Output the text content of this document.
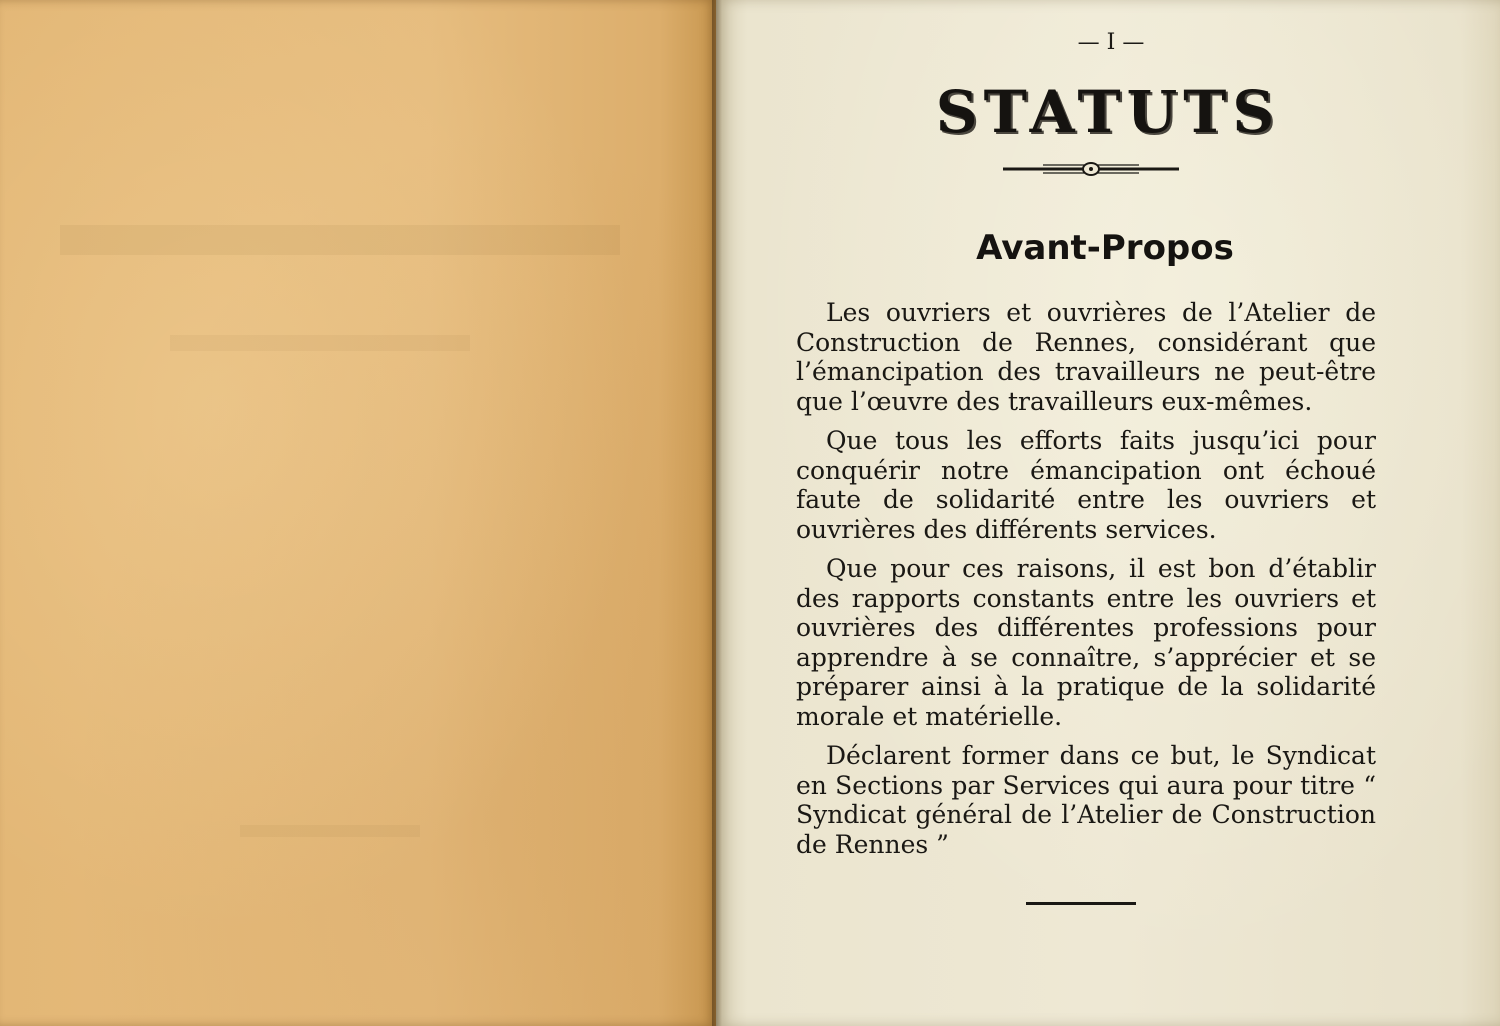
— I —
STATUTS
Avant-Propos

Les ouvriers et ouvrières de l’Atelier de Construction de Rennes, considérant que l’émancipation des travailleurs ne peut-être que l’œuvre des travailleurs eux-mêmes.

Que tous les efforts faits jusqu’ici pour conquérir notre émancipation ont échoué faute de solidarité entre les ouvriers et ouvrières des différents services.

Que pour ces raisons, il est bon d’établir des rapports constants entre les ouvriers et ouvrières des différentes professions pour apprendre à se connaître, s’apprécier et se préparer ainsi à la pratique de la solidarité morale et matérielle.

Déclarent former dans ce but, le Syndicat en Sections par Services qui aura pour titre “ Syndicat général de l’Atelier de Construction de Rennes ”
